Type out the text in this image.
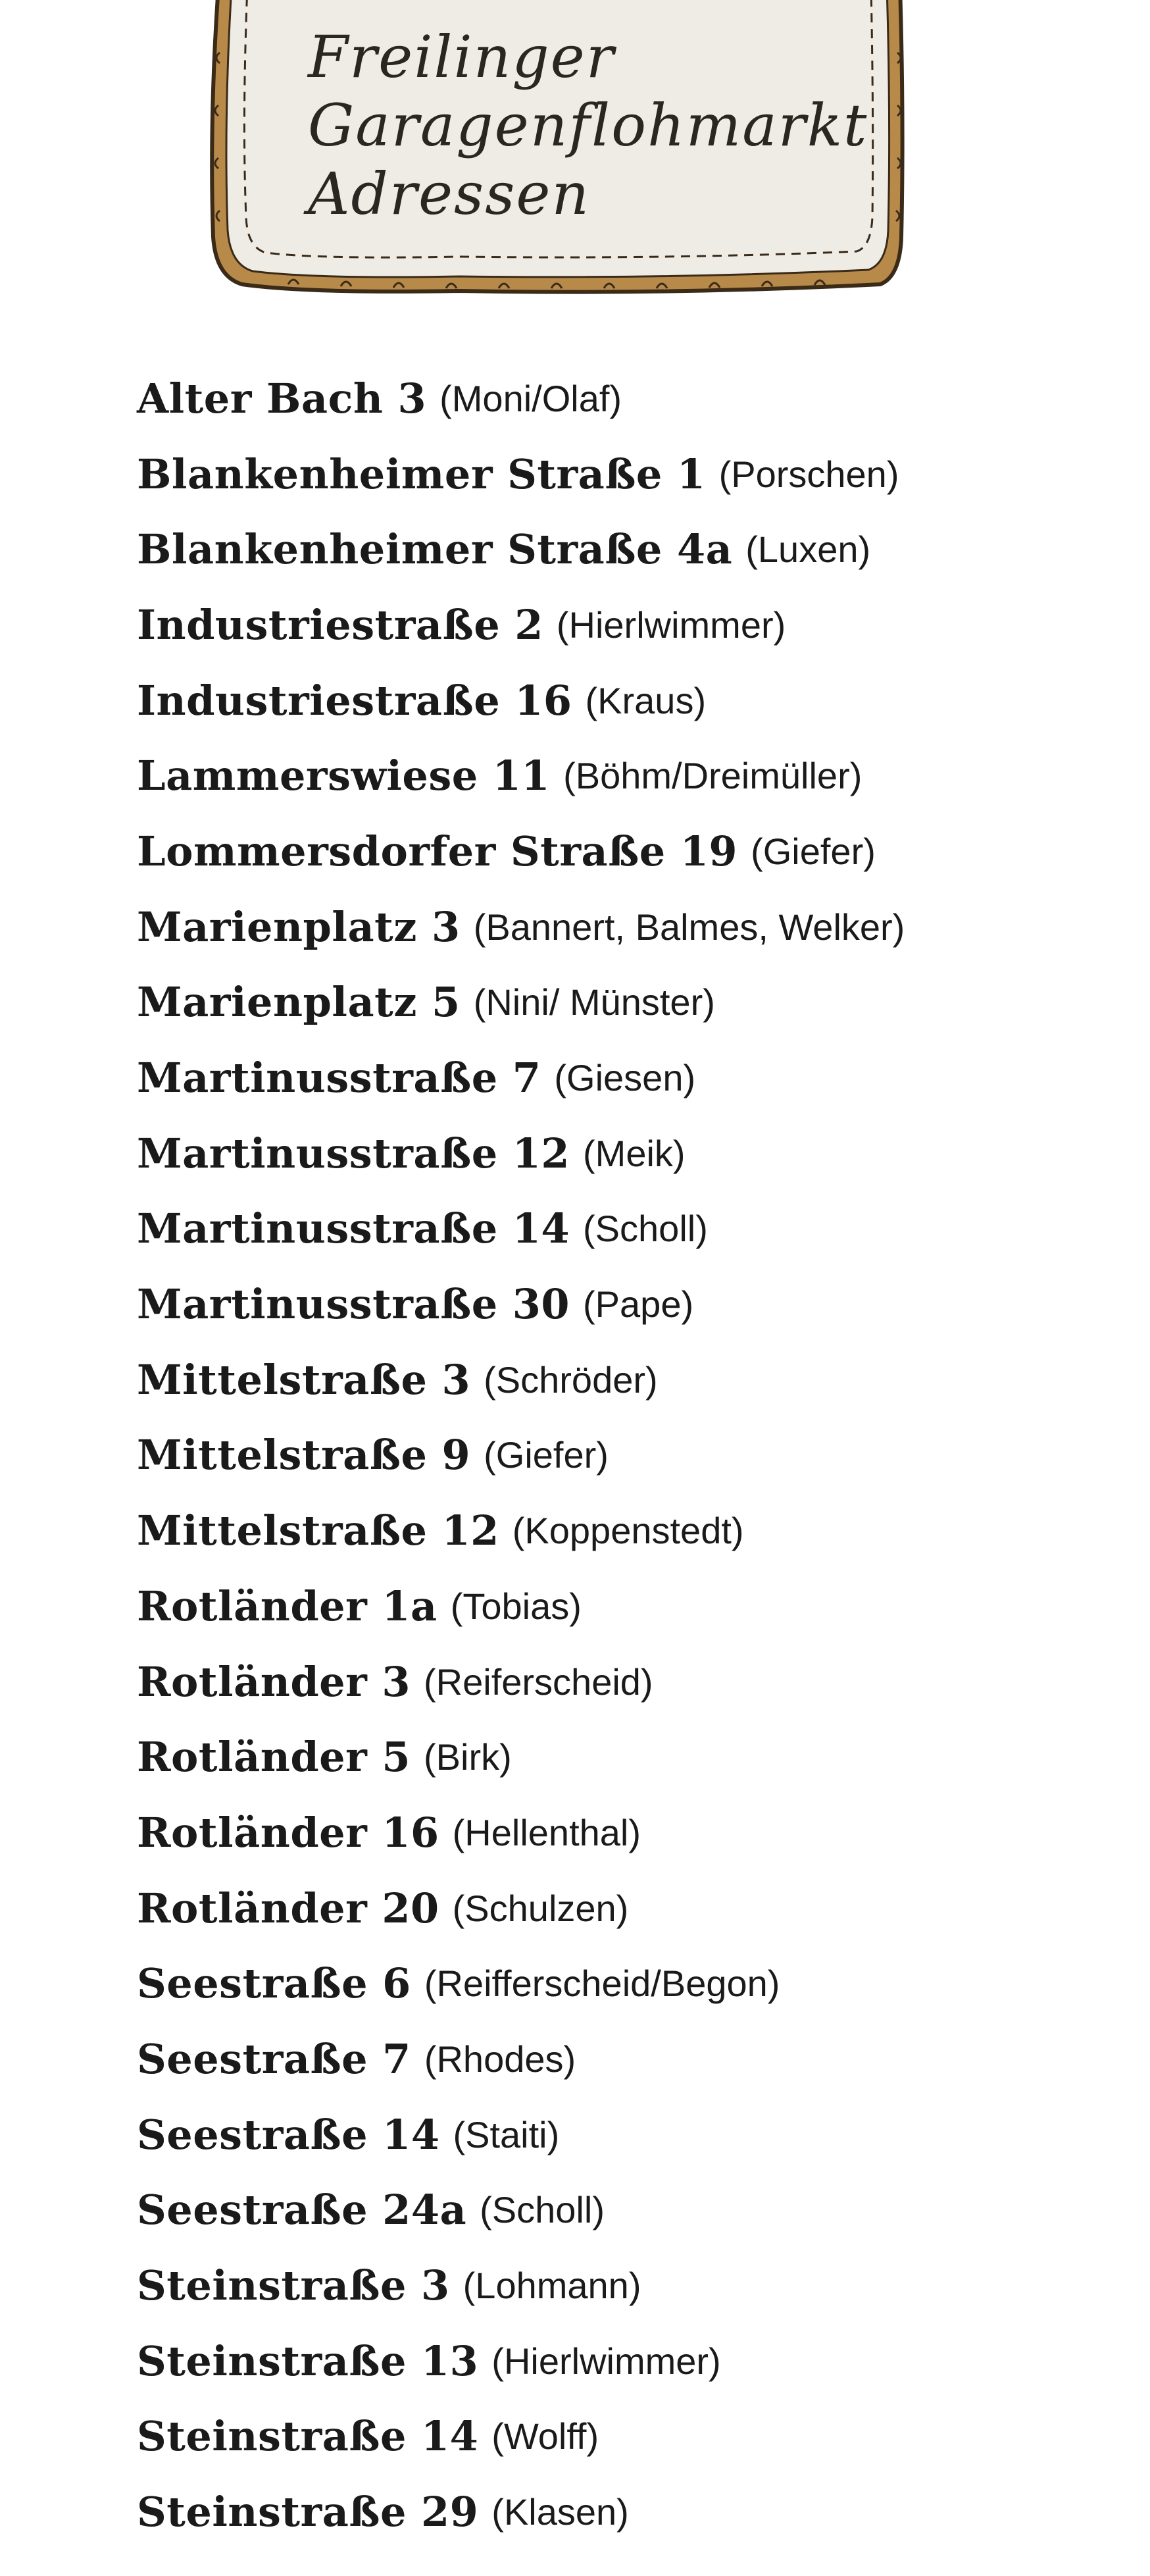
Freilinger
Garagenflohmarkt
Adressen
Alter Bach 3 (Moni/Olaf)
Blankenheimer Straße 1 (Porschen)
Blankenheimer Straße 4a (Luxen)
Industriestraße 2 (Hierlwimmer)
Industriestraße 16 (Kraus)
Lammerswiese 11 (Böhm/Dreimüller)
Lommersdorfer Straße 19 (Giefer)
Marienplatz 3 (Bannert, Balmes, Welker)
Marienplatz 5 (Nini/ Münster)
Martinusstraße 7 (Giesen)
Martinusstraße 12 (Meik)
Martinusstraße 14 (Scholl)
Martinusstraße 30 (Pape)
Mittelstraße 3 (Schröder)
Mittelstraße 9 (Giefer)
Mittelstraße 12 (Koppenstedt)
Rotländer 1a (Tobias)
Rotländer 3 (Reiferscheid)
Rotländer 5 (Birk)
Rotländer 16 (Hellenthal)
Rotländer 20 (Schulzen)
Seestraße 6 (Reifferscheid/Begon)
Seestraße 7 (Rhodes)
Seestraße 14 (Staiti)
Seestraße 24a (Scholl)
Steinstraße 3 (Lohmann)
Steinstraße 13 (Hierlwimmer)
Steinstraße 14 (Wolff)
Steinstraße 29 (Klasen)
